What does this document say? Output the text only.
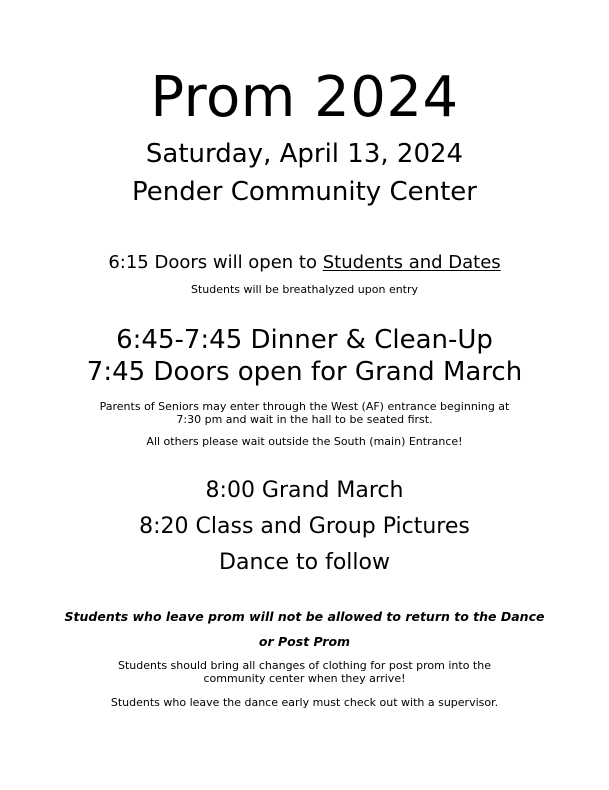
Prom 2024
Saturday, April 13, 2024
Pender Community Center
6:15 Doors will open to Students and Dates
Students will be breathalyzed upon entry
6:45-7:45 Dinner & Clean-Up
7:45 Doors open for Grand March
Parents of Seniors may enter through the West (AF) entrance beginning at
7:30 pm and wait in the hall to be seated first.
All others please wait outside the South (main) Entrance!
8:00 Grand March
8:20 Class and Group Pictures
Dance to follow
Students who leave prom will not be allowed to return to the Dance
or Post Prom
Students should bring all changes of clothing for post prom into the
community center when they arrive!
Students who leave the dance early must check out with a supervisor.
